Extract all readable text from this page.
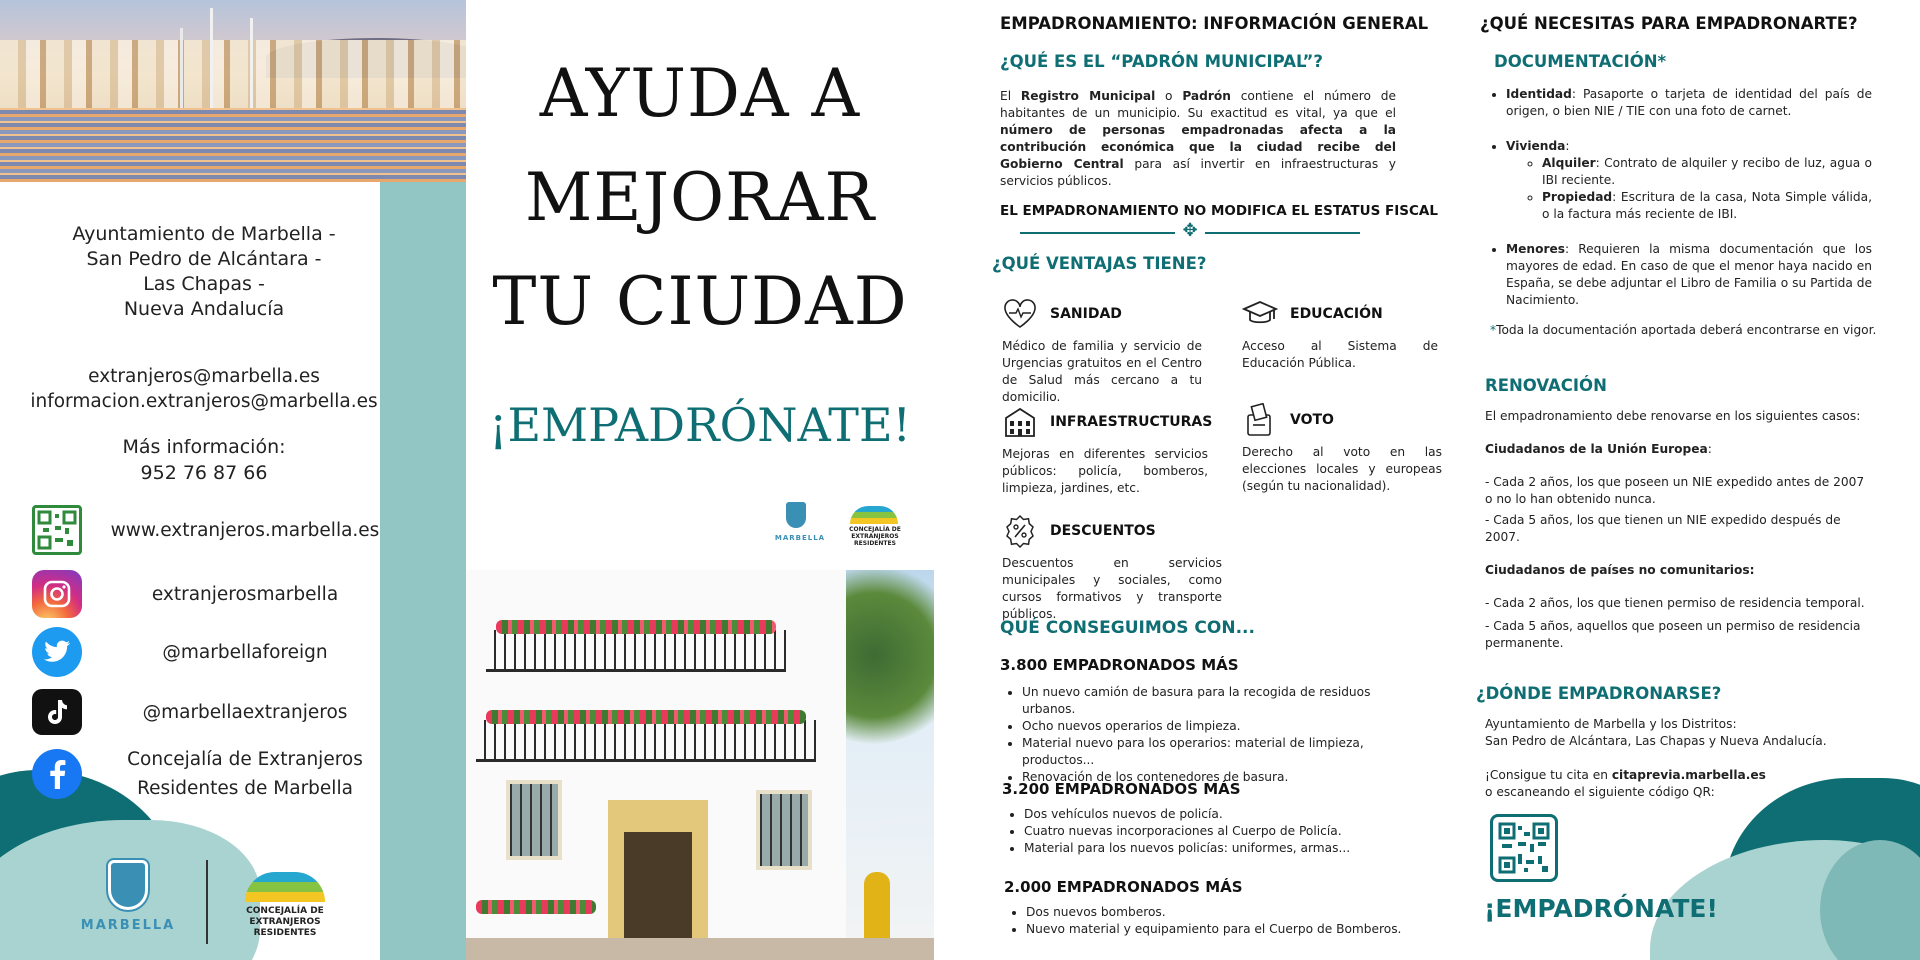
Ayuntamiento de Marbella -
San Pedro de Alcántara -
Las Chapas -
Nueva Andalucía
extranjeros@marbella.es
informacion.extranjeros@marbella.es
Más información:
952 76 87 66
www.extranjeros.marbella.es
extranjerosmarbella
@marbellaforeign
@marbellaextranjeros
Concejalía de Extranjeros
Residentes de Marbella
MARBELLA
CONCEJALÍA DE
EXTRANJEROS
RESIDENTES
AYUDA A
MEJORAR
TU CIUDAD
¡EMPADRÓNATE!
MARBELLA
CONCEJALÍA DE
EXTRANJEROS
RESIDENTES
EMPADRONAMIENTO: INFORMACIÓN GENERAL
¿QUÉ ES EL “PADRÓN MUNICIPAL”?
El Registro Municipal o Padrón contiene el número de habitantes de un municipio. Su exactitud es vital, ya que el número de personas empadronadas afecta a la contribución económica que la ciudad recibe del Gobierno Central para así invertir en infraestructuras y servicios públicos.
EL EMPADRONAMIENTO NO MODIFICA EL ESTATUS FISCAL
✥
¿QUÉ VENTAJAS TIENE?
SANIDAD
Médico de familia y servicio de Urgencias gratuitos en el Centro de Salud más cercano a tu domicilio.
EDUCACIÓN
Acceso al Sistema de Educación Pública.
INFRAESTRUCTURAS
Mejoras en diferentes servicios públicos: policía, bomberos, limpieza, jardines, etc.
VOTO
Derecho al voto en las elecciones locales y europeas (según tu nacionalidad).
DESCUENTOS
Descuentos en servicios municipales y sociales, como cursos formativos y transporte públicos.
QUÉ CONSEGUIMOS CON...
3.800 EMPADRONADOS MÁS
• Un nuevo camión de basura para la recogida de residuos urbanos.
• Ocho nuevos operarios de limpieza.
• Material nuevo para los operarios: material de limpieza, productos...
• Renovación de los contenedores de basura.
3.200 EMPADRONADOS MÁS
• Dos vehículos nuevos de policía.
• Cuatro nuevas incorporaciones al Cuerpo de Policía.
• Material para los nuevos policías: uniformes, armas...
2.000 EMPADRONADOS MÁS
• Dos nuevos bomberos.
• Nuevo material y equipamiento para el Cuerpo de Bomberos.
¿QUÉ NECESITAS PARA EMPADRONARTE?
DOCUMENTACIÓN*
• Identidad: Pasaporte o tarjeta de identidad del país de origen, o bien NIE / TIE con una foto de carnet.
• Vivienda:
◦ Alquiler: Contrato de alquiler y recibo de luz, agua o IBI reciente.
◦ Propiedad: Escritura de la casa, Nota Simple válida, o la factura más reciente de IBI.
• Menores: Requieren la misma documentación que los mayores de edad. En caso de que el menor haya nacido en España, se debe adjuntar el Libro de Familia o su Partida de Nacimiento.
*Toda la documentación aportada deberá encontrarse en vigor.
RENOVACIÓN
El empadronamiento debe renovarse en los siguientes casos:
Ciudadanos de la Unión Europea:
- Cada 2 años, los que poseen un NIE expedido antes de 2007 o no lo han obtenido nunca.
- Cada 5 años, los que tienen un NIE expedido después de 2007.
Ciudadanos de países no comunitarios:
- Cada 2 años, los que tienen permiso de residencia temporal.
- Cada 5 años, aquellos que poseen un permiso de residencia permanente.
¿DÓNDE EMPADRONARSE?
Ayuntamiento de Marbella y los Distritos:
San Pedro de Alcántara, Las Chapas y Nueva Andalucía.
¡Consigue tu cita en citaprevia.marbella.es
o escaneando el siguiente código QR:
¡EMPADRÓNATE!
